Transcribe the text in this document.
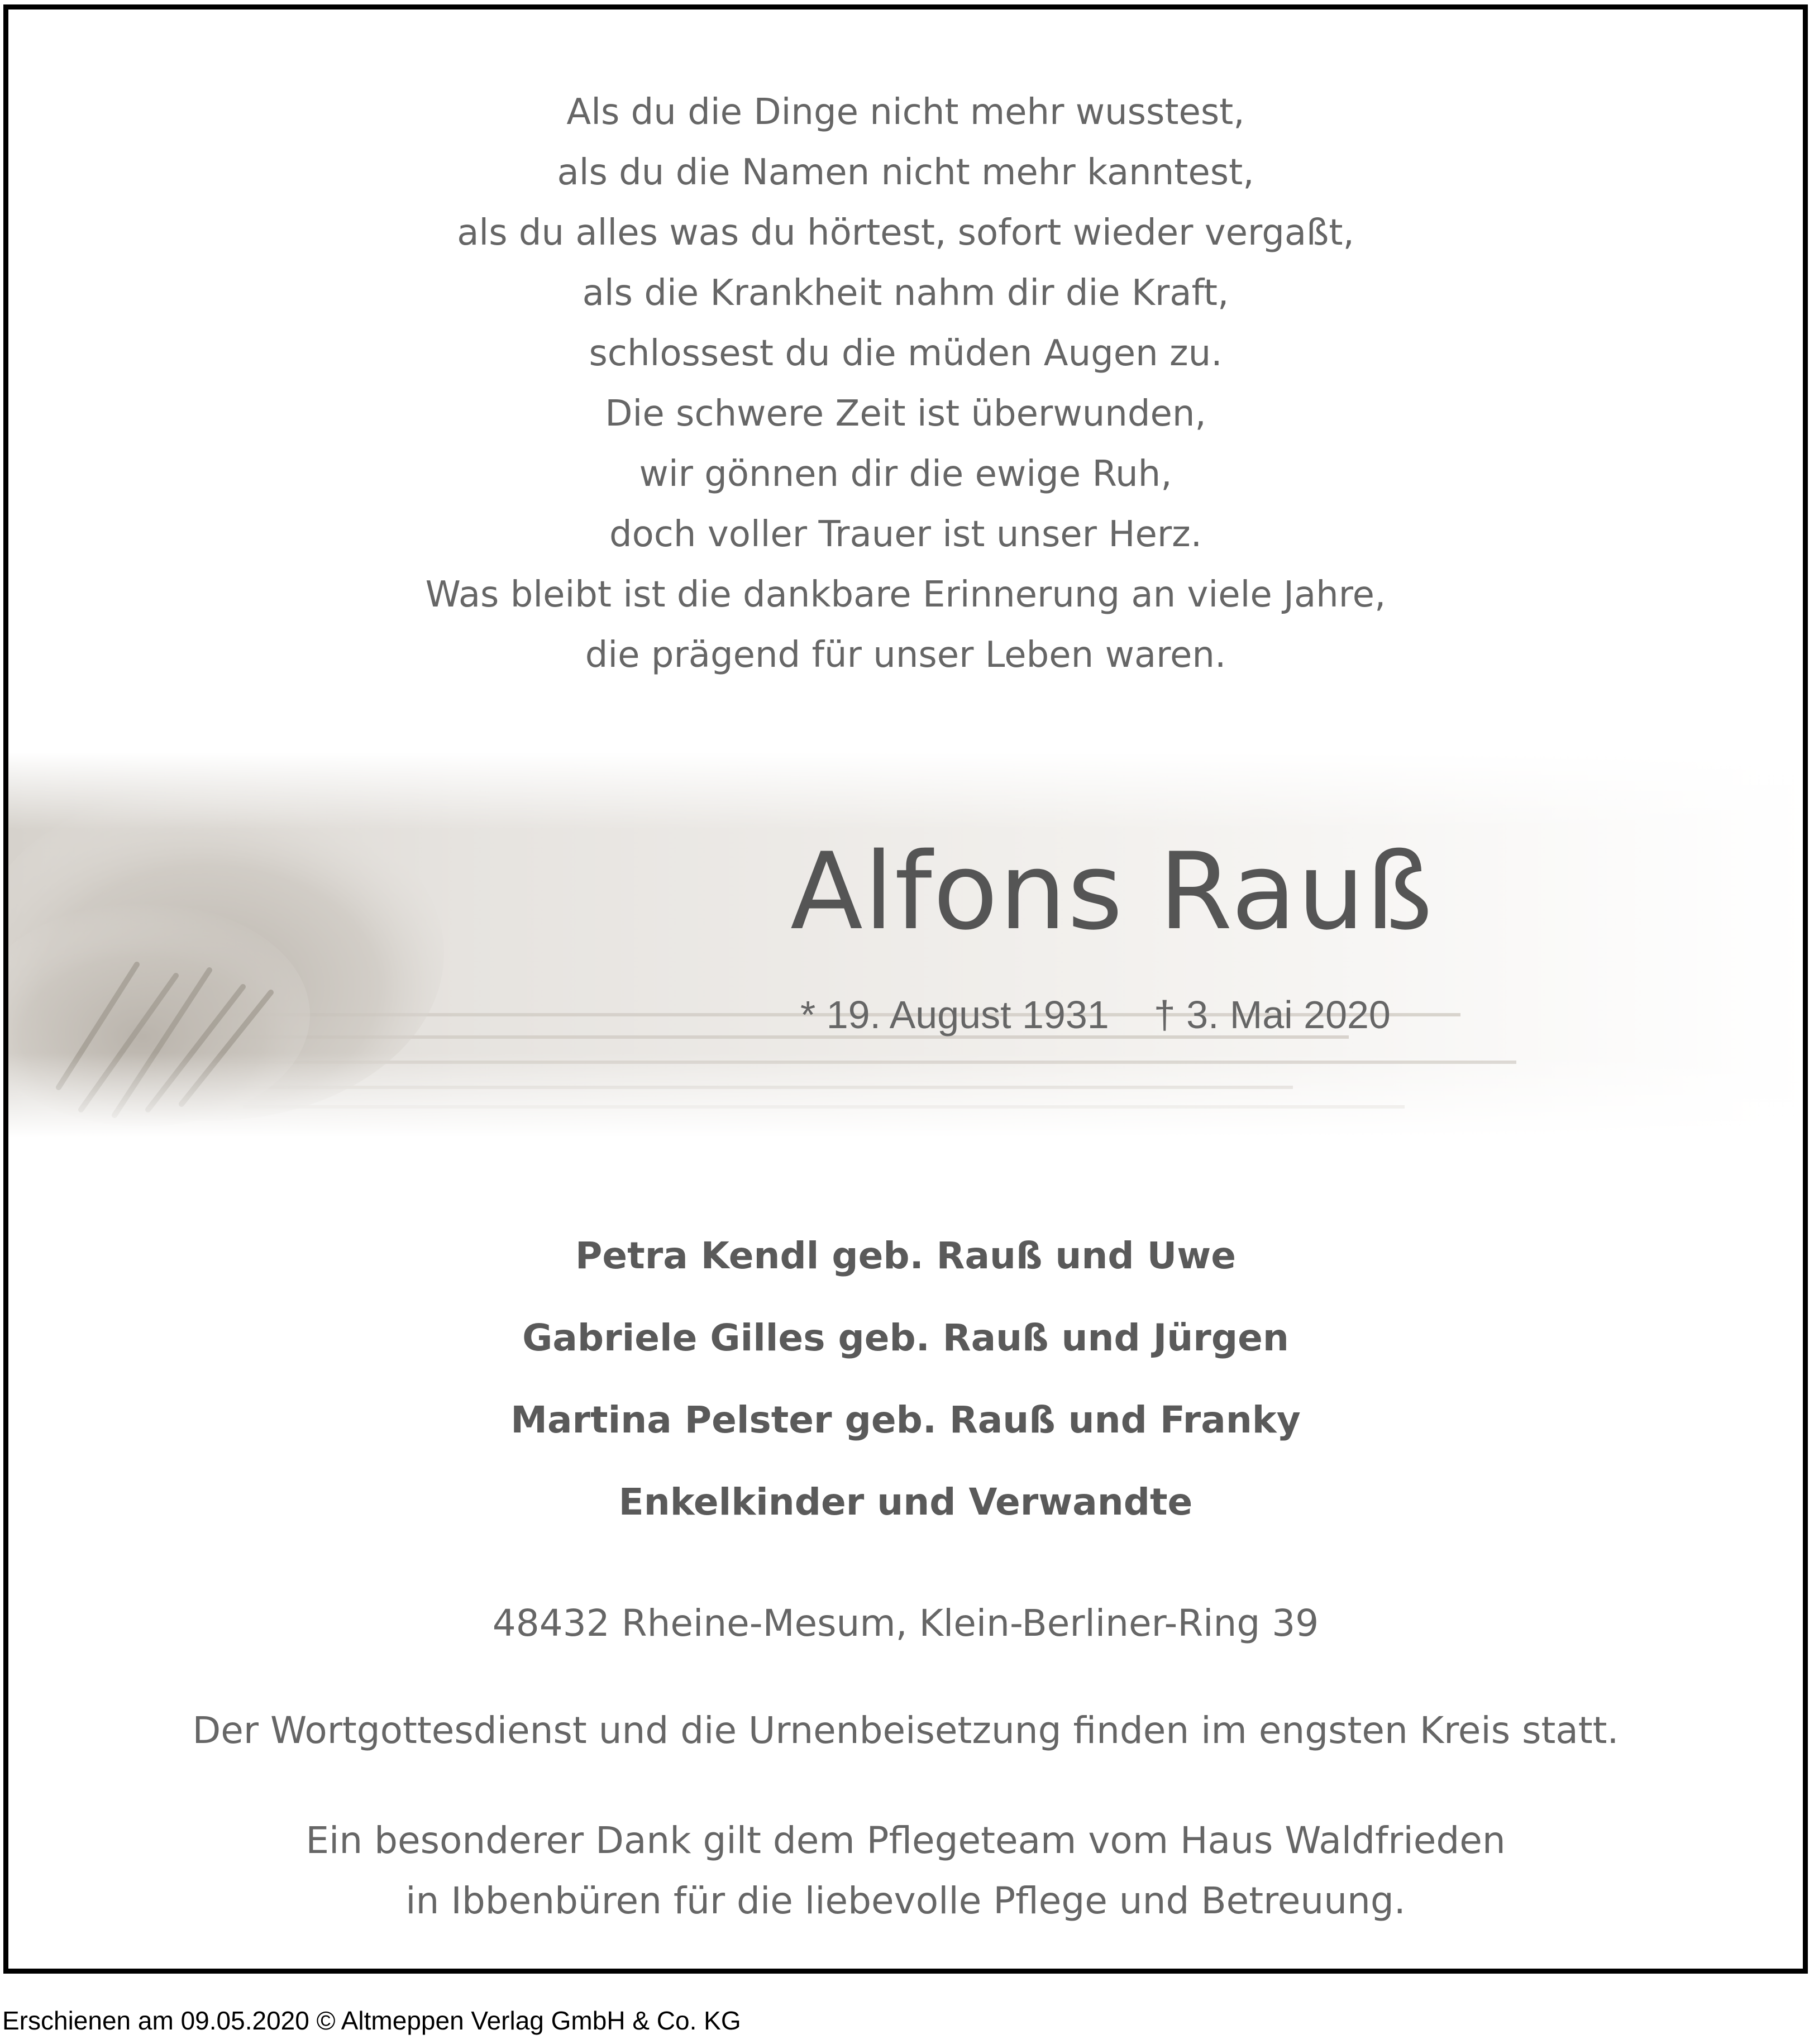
Als du die Dinge nicht mehr wusstest,
als du die Namen nicht mehr kanntest,
als du alles was du hörtest, sofort wieder vergaßt,
als die Krankheit nahm dir die Kraft,
schlossest du die müden Augen zu.
Die schwere Zeit ist überwunden,
wir gönnen dir die ewige Ruh,
doch voller Trauer ist unser Herz.
Was bleibt ist die dankbare Erinnerung an viele Jahre,
die prägend für unser Leben waren.
Alfons Rauß
* 19. August 1931 † 3. Mai 2020
Petra Kendl geb. Rauß und Uwe
Gabriele Gilles geb. Rauß und Jürgen
Martina Pelster geb. Rauß und Franky
Enkelkinder und Verwandte
48432 Rheine-Mesum, Klein-Berliner-Ring 39
Der Wortgottesdienst und die Urnenbeisetzung finden im engsten Kreis statt.
Ein besonderer Dank gilt dem Pflegeteam vom Haus Waldfrieden
in Ibbenbüren für die liebevolle Pflege und Betreuung.
Erschienen am 09.05.2020 © Altmeppen Verlag GmbH & Co. KG
